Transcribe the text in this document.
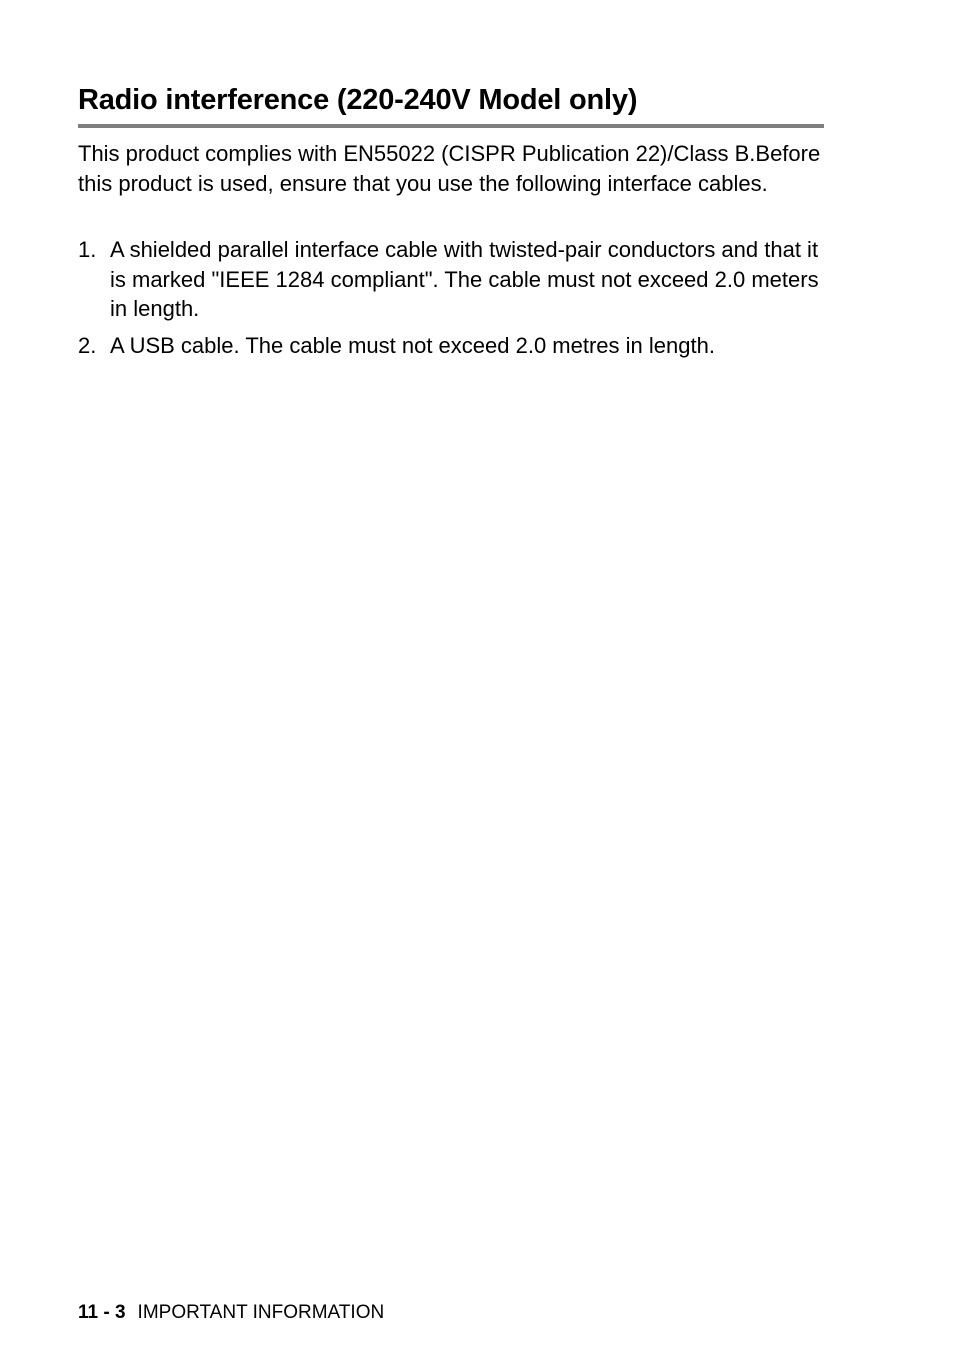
Radio interference (220-240V Model only)

This product complies with EN55022 (CISPR Publication 22)/Class B.Before this product is used, ensure that you use the following interface cables.

1. A shielded parallel interface cable with twisted-pair conductors and that it is marked "IEEE 1284 compliant". The cable must not exceed 2.0 meters in length.
2. A USB cable. The cable must not exceed 2.0 metres in length.
11 - 3 IMPORTANT INFORMATION
